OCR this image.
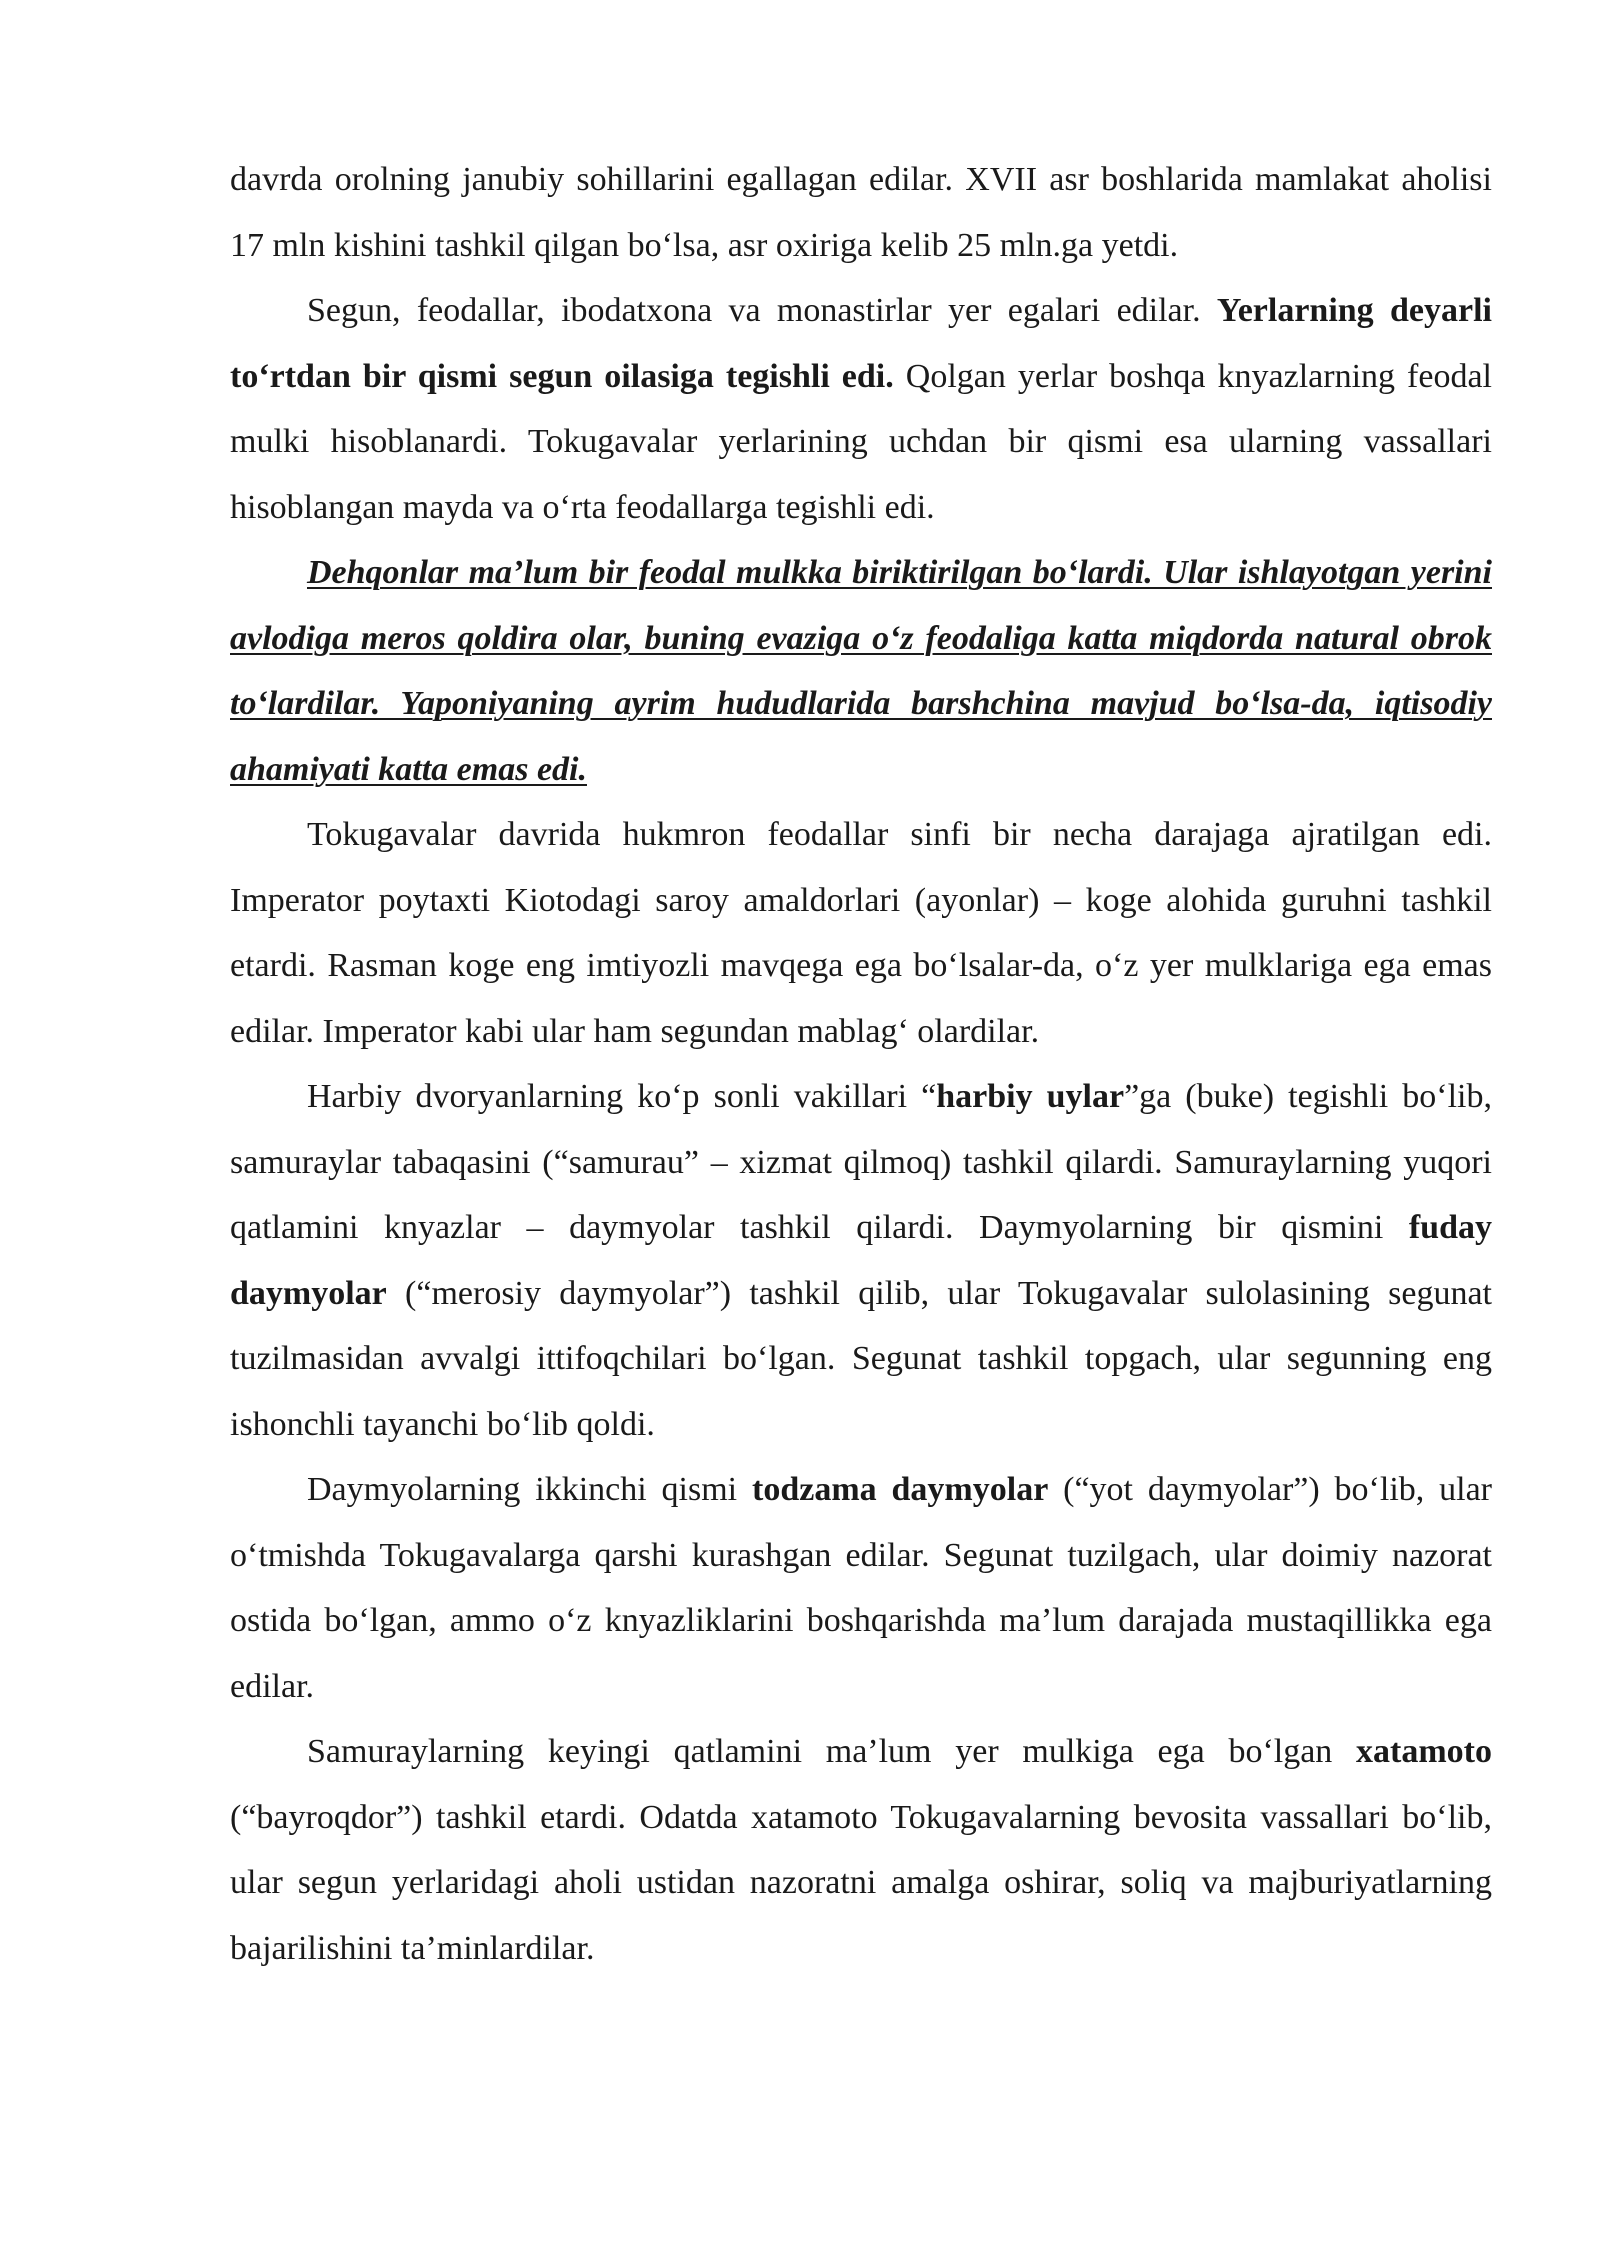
davrda orolning janubiy sohillarini egallagan edilar. XVII asr boshlarida mamlakat aholisi 17 mln kishini tashkil qilgan bo‘lsa, asr oxiriga kelib 25 mln.ga yetdi.

Segun, feodallar, ibodatxona va monastirlar yer egalari edilar. Yerlarning deyarli to‘rtdan bir qismi segun oilasiga tegishli edi. Qolgan yerlar boshqa knyazlarning feodal mulki hisoblanardi. Tokugavalar yerlarining uchdan bir qismi esa ularning vassallari hisoblangan mayda va o‘rta feodallarga tegishli edi.

Dehqonlar ma’lum bir feodal mulkka biriktirilgan bo‘lardi. Ular ishlayotgan yerini avlodiga meros qoldira olar, buning evaziga o‘z feodaliga katta miqdorda natural obrok to‘lardilar. Yaponiyaning ayrim hududlarida barshchina mavjud bo‘lsa-da, iqtisodiy ahamiyati katta emas edi.

Tokugavalar davrida hukmron feodallar sinfi bir necha darajaga ajratilgan edi. Imperator poytaxti Kiotodagi saroy amaldorlari (ayonlar) – koge alohida guruhni tashkil etardi. Rasman koge eng imtiyozli mavqega ega bo‘lsalar-da, o‘z yer mulklariga ega emas edilar. Imperator kabi ular ham segundan mablag‘ olardilar.

Harbiy dvoryanlarning ko‘p sonli vakillari “harbiy uylar”ga (buke) tegishli bo‘lib, samuraylar tabaqasini (“samurau” – xizmat qilmoq) tashkil qilardi. Samuraylarning yuqori qatlamini knyazlar – daymyolar tashkil qilardi. Daymyolarning bir qismini fuday daymyolar (“merosiy daymyolar”) tashkil qilib, ular Tokugavalar sulolasining segunat tuzilmasidan avvalgi ittifoqchilari bo‘lgan. Segunat tashkil topgach, ular segunning eng ishonchli tayanchi bo‘lib qoldi.

Daymyolarning ikkinchi qismi todzama daymyolar (“yot daymyolar”) bo‘lib, ular o‘tmishda Tokugavalarga qarshi kurashgan edilar. Segunat tuzilgach, ular doimiy nazorat ostida bo‘lgan, ammo o‘z knyazliklarini boshqarishda ma’lum darajada mustaqillikka ega edilar.

Samuraylarning keyingi qatlamini ma’lum yer mulkiga ega bo‘lgan xatamoto (“bayroqdor”) tashkil etardi. Odatda xatamoto Tokugavalarning bevosita vassallari bo‘lib, ular segun yerlaridagi aholi ustidan nazoratni amalga oshirar, soliq va majburiyatlarning bajarilishini ta’minlardilar.
